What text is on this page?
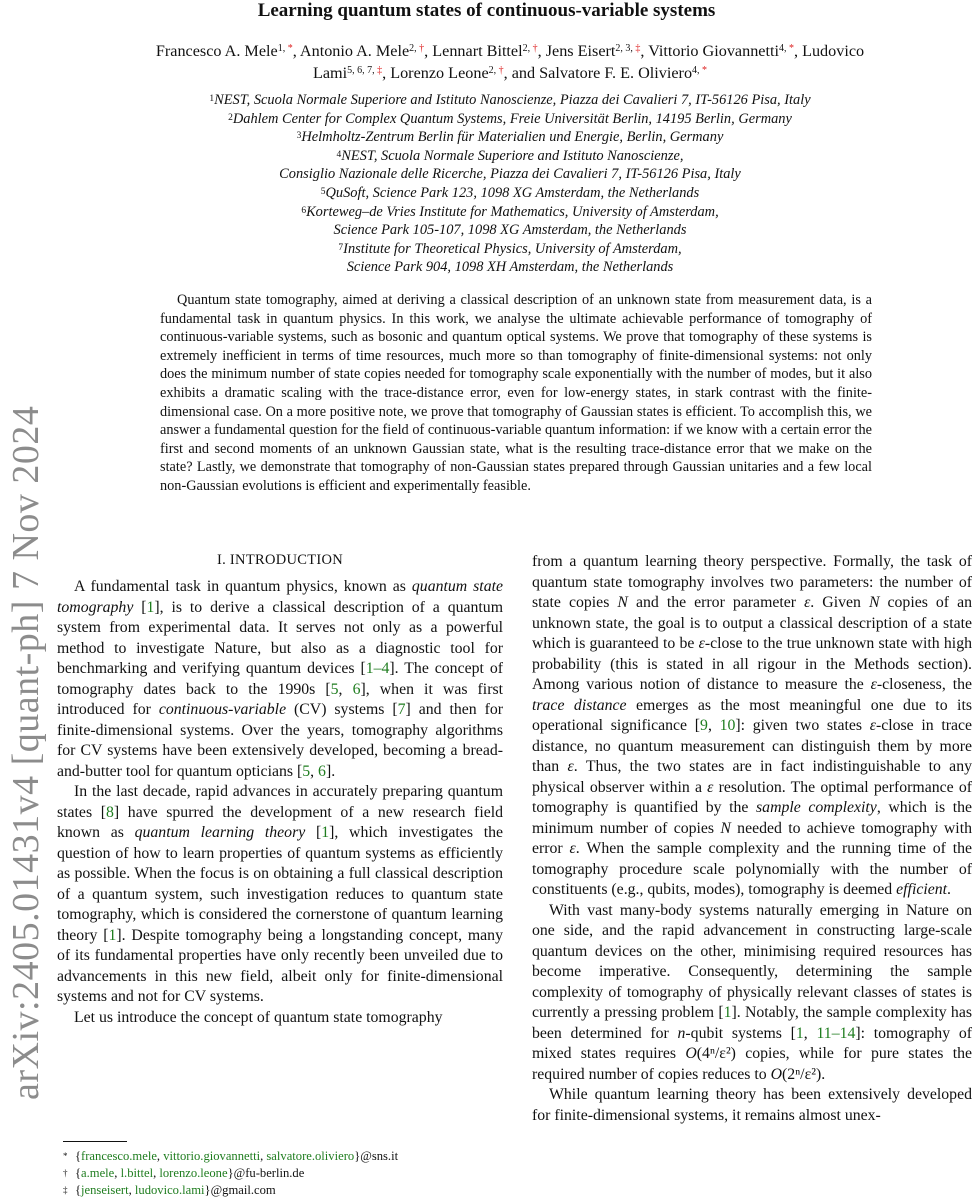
arXiv:2405.01431v4 [quant-ph] 7 Nov 2024
Learning quantum states of continuous-variable systems
Francesco A. Mele$^{1, *}$, Antonio A. Mele$^{2, \dagger}$, Lennart Bittel$^{2, \dagger}$, Jens Eisert$^{2, 3, \ddagger}$, Vittorio Giovannetti$^{4, *}$, Ludovico Lami$^{5, 6, 7, \ddagger}$, Lorenzo Leone$^{2, \dagger}$, and Salvatore F. E. Oliviero$^{4, *}$
$^1$NEST, Scuola Normale Superiore and Istituto Nanoscienze, Piazza dei Cavalieri 7, IT-56126 Pisa, Italy
$^2$Dahlem Center for Complex Quantum Systems, Freie Universität Berlin, 14195 Berlin, Germany
$^3$Helmholtz-Zentrum Berlin für Materialien und Energie, Berlin, Germany
$^4$NEST, Scuola Normale Superiore and Istituto Nanoscienze,
Consiglio Nazionale delle Ricerche, Piazza dei Cavalieri 7, IT-56126 Pisa, Italy
$^5$QuSoft, Science Park 123, 1098 XG Amsterdam, the Netherlands
$^6$Korteweg–de Vries Institute for Mathematics, University of Amsterdam,
Science Park 105-107, 1098 XG Amsterdam, the Netherlands
$^7$Institute for Theoretical Physics, University of Amsterdam,
Science Park 904, 1098 XH Amsterdam, the Netherlands

Quantum state tomography, aimed at deriving a classical description of an unknown state from measurement data, is a fundamental task in quantum physics. In this work, we analyse the ultimate achievable performance of tomography of continuous-variable systems, such as bosonic and quantum optical systems. We prove that tomography of these systems is extremely inefficient in terms of time resources, much more so than tomography of finite-dimensional systems: not only does the minimum number of state copies needed for tomography scale exponentially with the number of modes, but it also exhibits a dramatic scaling with the trace-distance error, even for low-energy states, in stark contrast with the finite-dimensional case. On a more positive note, we prove that tomography of Gaussian states is efficient. To accomplish this, we answer a fundamental question for the field of continuous-variable quantum information: if we know with a certain error the first and second moments of an unknown Gaussian state, what is the resulting trace-distance error that we make on the state? Lastly, we demonstrate that tomography of non-Gaussian states prepared through Gaussian unitaries and a few local non-Gaussian evolutions is efficient and experimentally feasible.

I. INTRODUCTION

A fundamental task in quantum physics, known as quantum state tomography [1], is to derive a classical description of a quantum system from experimental data. It serves not only as a powerful method to investigate Nature, but also as a diagnostic tool for benchmarking and verifying quantum devices [1–4]. The concept of tomography dates back to the 1990s [5, 6], when it was first introduced for continuous-variable (CV) systems [7] and then for finite-dimensional systems. Over the years, tomography algorithms for CV systems have been extensively developed, becoming a bread-and-butter tool for quantum opticians [5, 6].

In the last decade, rapid advances in accurately preparing quantum states [8] have spurred the development of a new research field known as quantum learning theory [1], which investigates the question of how to learn properties of quantum systems as efficiently as possible. When the focus is on obtaining a full classical description of a quantum system, such investigation reduces to quantum state tomography, which is considered the cornerstone of quantum learning theory [1]. Despite tomography being a longstanding concept, many of its fundamental properties have only recently been unveiled due to advancements in this new field, albeit only for finite-dimensional systems and not for CV systems.

Let us introduce the concept of quantum state tomography

from a quantum learning theory perspective. Formally, the task of quantum state tomography involves two parameters: the number of state copies N and the error parameter ε. Given N copies of an unknown state, the goal is to output a classical description of a state which is guaranteed to be ε-close to the true unknown state with high probability (this is stated in all rigour in the Methods section). Among various notion of distance to measure the ε-closeness, the trace distance emerges as the most meaningful one due to its operational significance [9, 10]: given two states ε-close in trace distance, no quantum measurement can distinguish them by more than ε. Thus, the two states are in fact indistinguishable to any physical observer within a ε resolution. The optimal performance of tomography is quantified by the sample complexity, which is the minimum number of copies N needed to achieve tomography with error ε. When the sample complexity and the running time of the tomography procedure scale polynomially with the number of constituents (e.g., qubits, modes), tomography is deemed efficient.

With vast many-body systems naturally emerging in Nature on one side, and the rapid advancement in constructing large-scale quantum devices on the other, minimising required resources has become imperative. Consequently, determining the sample complexity of tomography of physically relevant classes of states is currently a pressing problem [1]. Notably, the sample complexity has been determined for n-qubit systems [1, 11–14]: tomography of mixed states requires O(4ⁿ/ε²) copies, while for pure states the required number of copies reduces to O(2ⁿ/ε²).

While quantum learning theory has been extensively developed for finite-dimensional systems, it remains almost unex-

* {francesco.mele, vittorio.giovannetti, salvatore.oliviero}@sns.it
† {a.mele, l.bittel, lorenzo.leone}@fu-berlin.de
‡ {jenseisert, ludovico.lami}@gmail.com
